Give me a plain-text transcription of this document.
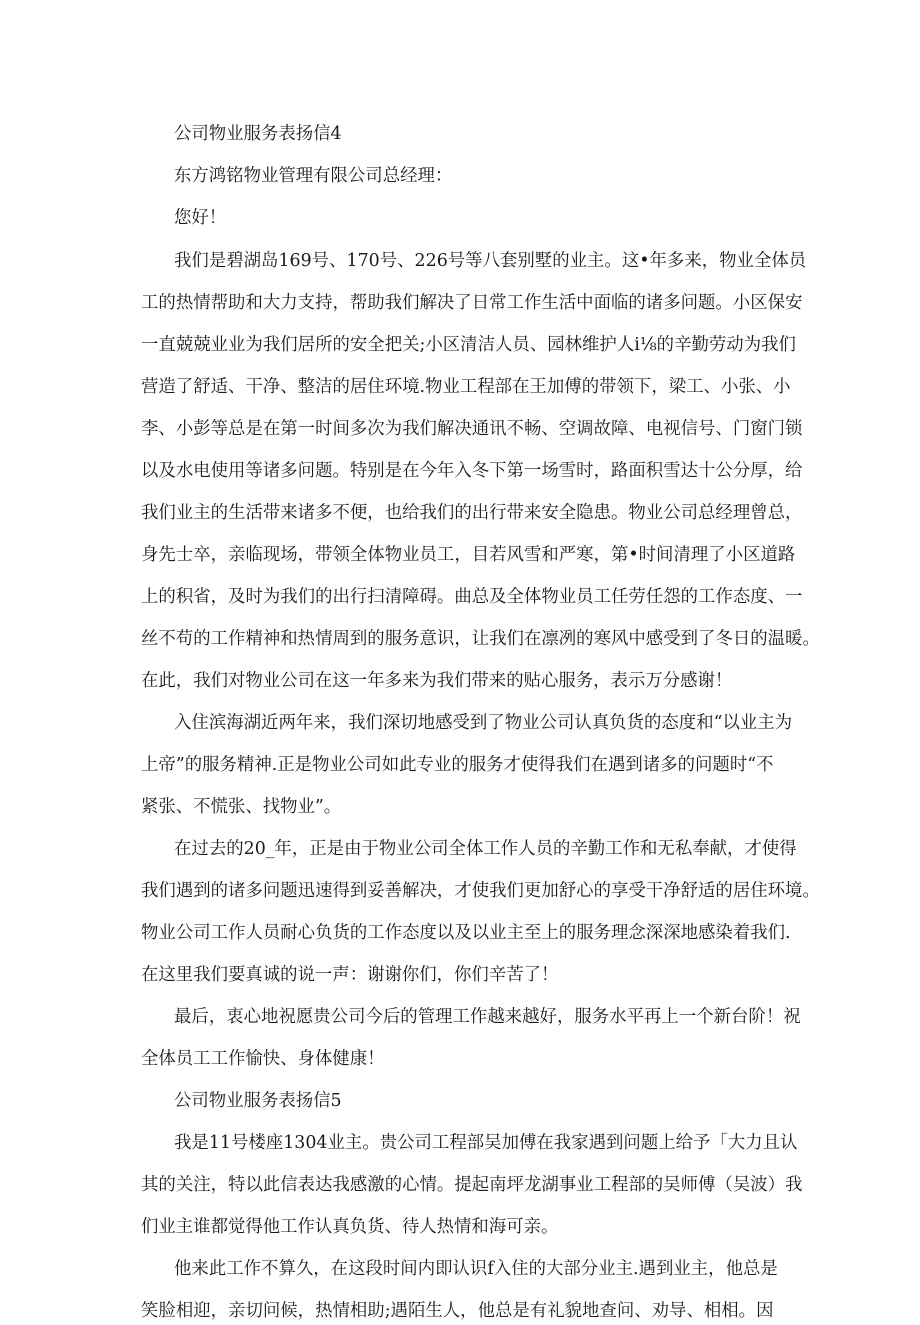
公司物业服务表扬信4
东方鸿铭物业管理有限公司总经理：
您好！
我 们 是 碧 湖 岛 1 6 9 号 、 1 7 0 号 、 2 2 6 号 等 八 套 别 墅 的 业 主 。 这 • 年 多 来 ， 物 业 全 体 员
工 的 热 情 帮 助 和 大 力 支 持 ， 帮 助 我 们 解 决 了 日 常 工 作 生 活 中 面 临 的 诸 多 问 题 。 小 区 保 安
一 直 兢 兢 业 业 为 我 们 居 所 的 安 全 把 关 ; 小 区 清 洁 人 员 、 园 林 维 护 人 i ⅛ 的 辛 勤 劳 动 为 我 们
营 造 了 舒 适 、 干 净 、 整 洁 的 居 住 环 境 . 物 业 工 程 部 在 王 加 傅 的 带 领 下 ， 梁 工 、 小 张 、 小
李 、 小 彭 等 总 是 在 第 一 时 间 多 次 为 我 们 解 决 通 讯 不 畅 、 空 调 故 障 、 电 视 信 号 、 门 窗 门 锁
以 及 水 电 使 用 等 诸 多 问 题 。 特 别 是 在 今 年 入 冬 下 第 一 场 雪 时 ， 路 面 积 雪 达 十 公 分 厚 ， 给
我 们 业 主 的 生 活 带 来 诸 多 不 便 ， 也 给 我 们 的 出 行 带 来 安 全 隐 患 。 物 业 公 司 总 经 理 曾 总 ，
身 先 士 卒 ， 亲 临 现 场 ， 带 领 全 体 物 业 员 工 ， 目 若 风 雪 和 严 寒 ， 第 • 时 间 清 理 了 小 区 道 路
上 的 积 省 ， 及 时 为 我 们 的 出 行 扫 清 障 碍 。 曲 总 及 全 体 物 业 员 工 任 劳 任 怨 的 工 作 态 度 、 一
丝 不 苟 的 工 作 精 神 和 热 情 周 到 的 服 务 意 识 ， 让 我 们 在 凛 冽 的 寒 风 中 感 受 到 了 冬 日 的 温 暖 。
在此，我们对物业公司在这一年多来为我们带来的贴心服务，表示万分感谢！
入 住 滨 海 湖 近 两 年 来 ， 我 们 深 切 地 感 受 到 了 物 业 公 司 认 真 负 货 的 态 度 和 “ 以 业 主 为
上 帝 ” 的 服 务 精 神 . 正 是 物 业 公 司 如 此 专 业 的 服 务 才 使 得 我 们 在 遇 到 诸 多 的 问 题 时 “ 不
紧张、不慌张、找物业”。
在 过 去 的 2 0 _ 年 ， 正 是 由 于 物 业 公 司 全 体 工 作 人 员 的 辛 勤 工 作 和 无 私 奉 献 ， 才 使 得
我 们 遇 到 的 诸 多 问 题 迅 速 得 到 妥 善 解 决 ， 才 使 我 们 更 加 舒 心 的 享 受 干 净 舒 适 的 居 住 环 境 。
物 业 公 司 工 作 人 员 耐 心 负 货 的 工 作 态 度 以 及 以 业 主 至 上 的 服 务 理 念 深 深 地 感 染 着 我 们 .
在这里我们要真诚的说一声：谢谢你们，你们辛苦了！
最 后 ， 衷 心 地 祝 愿 贵 公 司 今 后 的 管 理 工 作 越 来 越 好 ， 服 务 水 平 再 上 一 个 新 台 阶 ！ 祝
全体员工工作愉快、身体健康！
公司物业服务表扬信5
我 是 1 1 号 楼 座 1 3 0 4 业 主 。 贵 公 司 工 程 部 吴 加 傅 在 我 家 遇 到 问 题 上 给 予 「 大 力 且 认
其 的 关 注 ， 特 以 此 信 表 达 我 感 激 的 心 情 。 提 起 南 坪 龙 湖 事 业 工 程 部 的 吴 师 傅 （ 吴 波 ） 我
们业主谁都觉得他工作认真负货、待人热情和海可亲。
他 来 此 工 作 不 算 久 ， 在 这 段 时 间 内 即 认 识 f 入 住 的 大 部 分 业 主 . 遇 到 业 主 ， 他 总 是
笑 脸 相 迎 ， 亲 切 问 候 ， 热 情 相 助 ; 遇 陌 生 人 ， 他 总 是 有 礼 貌 地 查 问 、 劝 导 、 相 相 。 因
